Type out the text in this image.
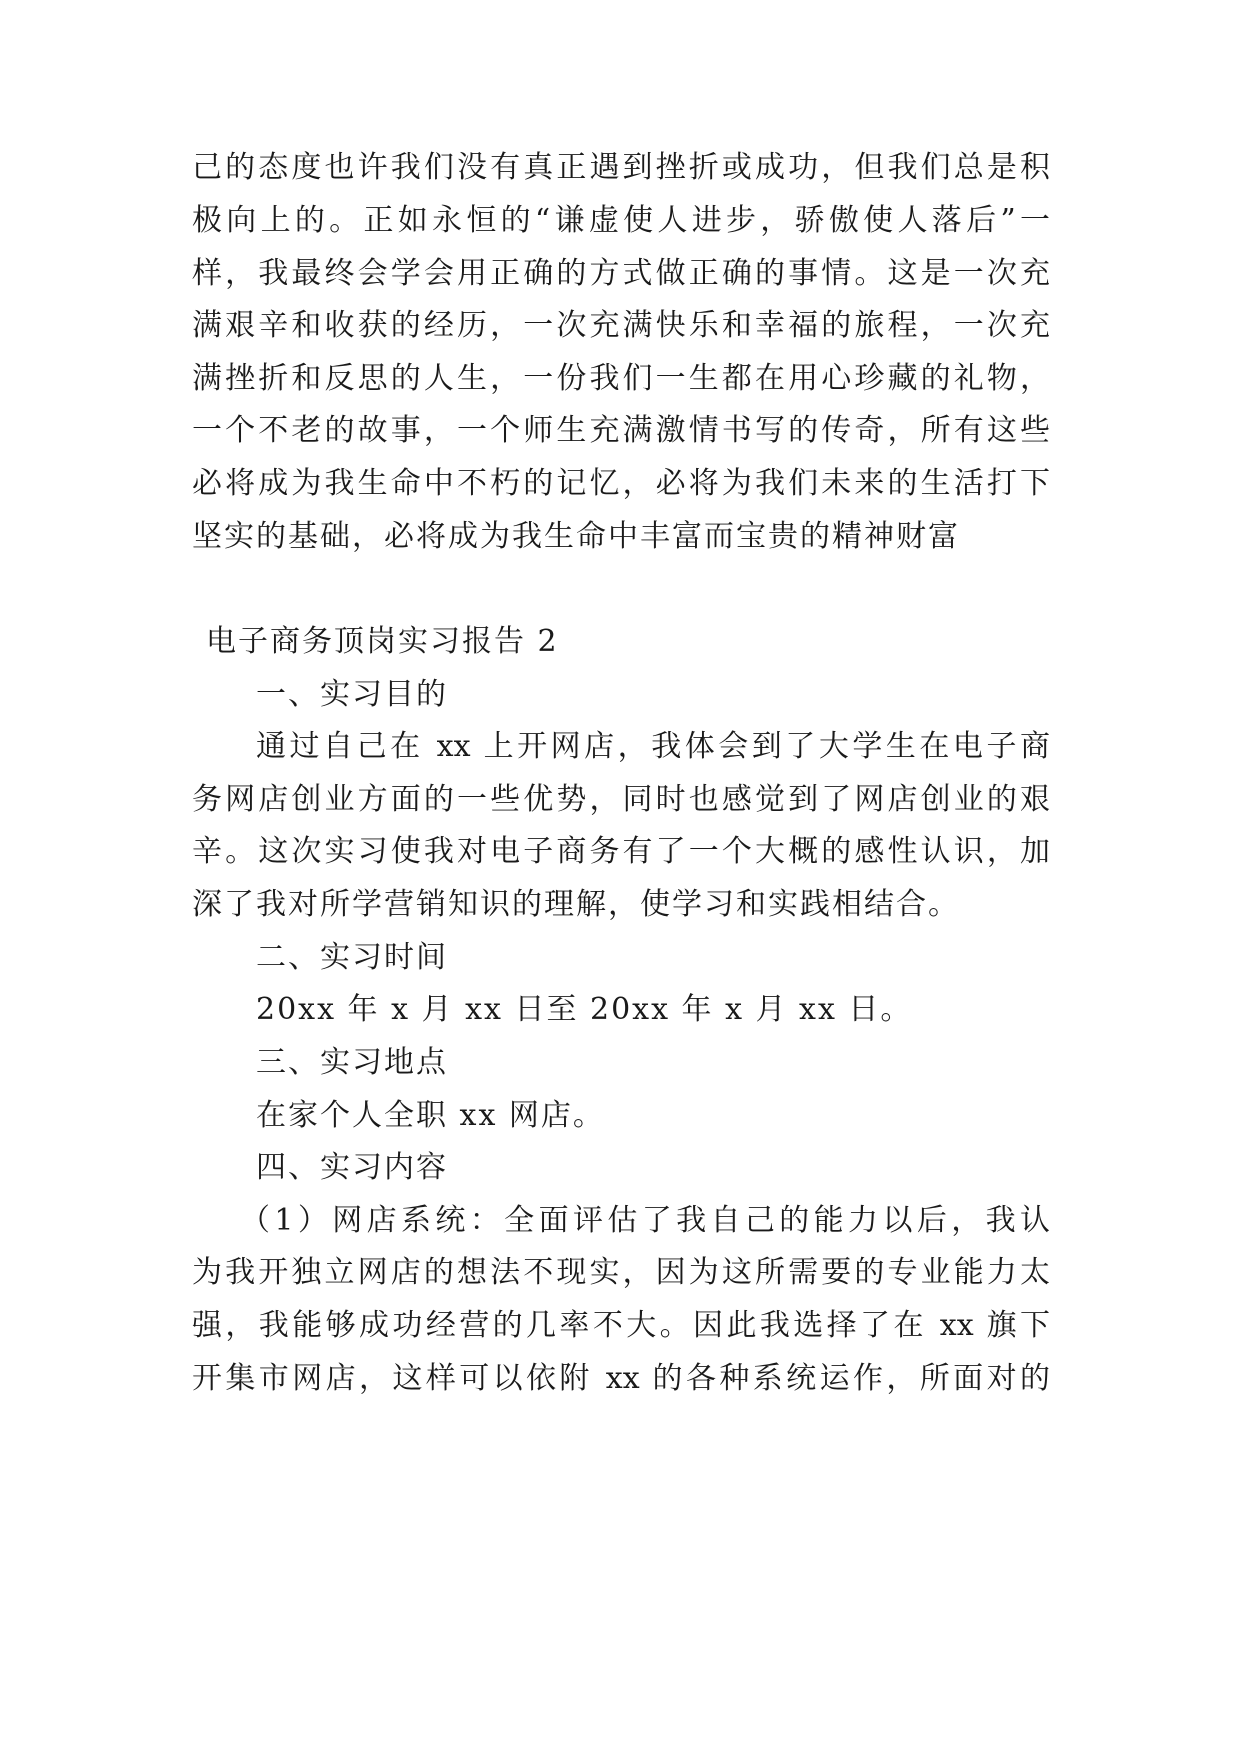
己的态度也许我们没有真正遇到挫折或成功，但我们总是积
极向上的。正如永恒的“谦虚使人进步，骄傲使人落后”一
样，我最终会学会用正确的方式做正确的事情。这是一次充
满艰辛和收获的经历，一次充满快乐和幸福的旅程，一次充
满挫折和反思的人生，一份我们一生都在用心珍藏的礼物，
一个不老的故事，一个师生充满激情书写的传奇，所有这些
必将成为我生命中不朽的记忆，必将为我们未来的生活打下
坚实的基础，必将成为我生命中丰富而宝贵的精神财富
电子商务顶岗实习报告 2
一、实习目的
通过自己在 xx 上开网店，我体会到了大学生在电子商
务网店创业方面的一些优势，同时也感觉到了网店创业的艰
辛。这次实习使我对电子商务有了一个大概的感性认识，加
深了我对所学营销知识的理解，使学习和实践相结合。
二、实习时间
20xx 年 x 月 xx 日至 20xx 年 x 月 xx 日。
三、实习地点
在家个人全职 xx 网店。
四、实习内容
（1）网店系统：全面评估了我自己的能力以后，我认
为我开独立网店的想法不现实，因为这所需要的专业能力太
强，我能够成功经营的几率不大。因此我选择了在 xx 旗下
开集市网店，这样可以依附 xx 的各种系统运作，所面对的
